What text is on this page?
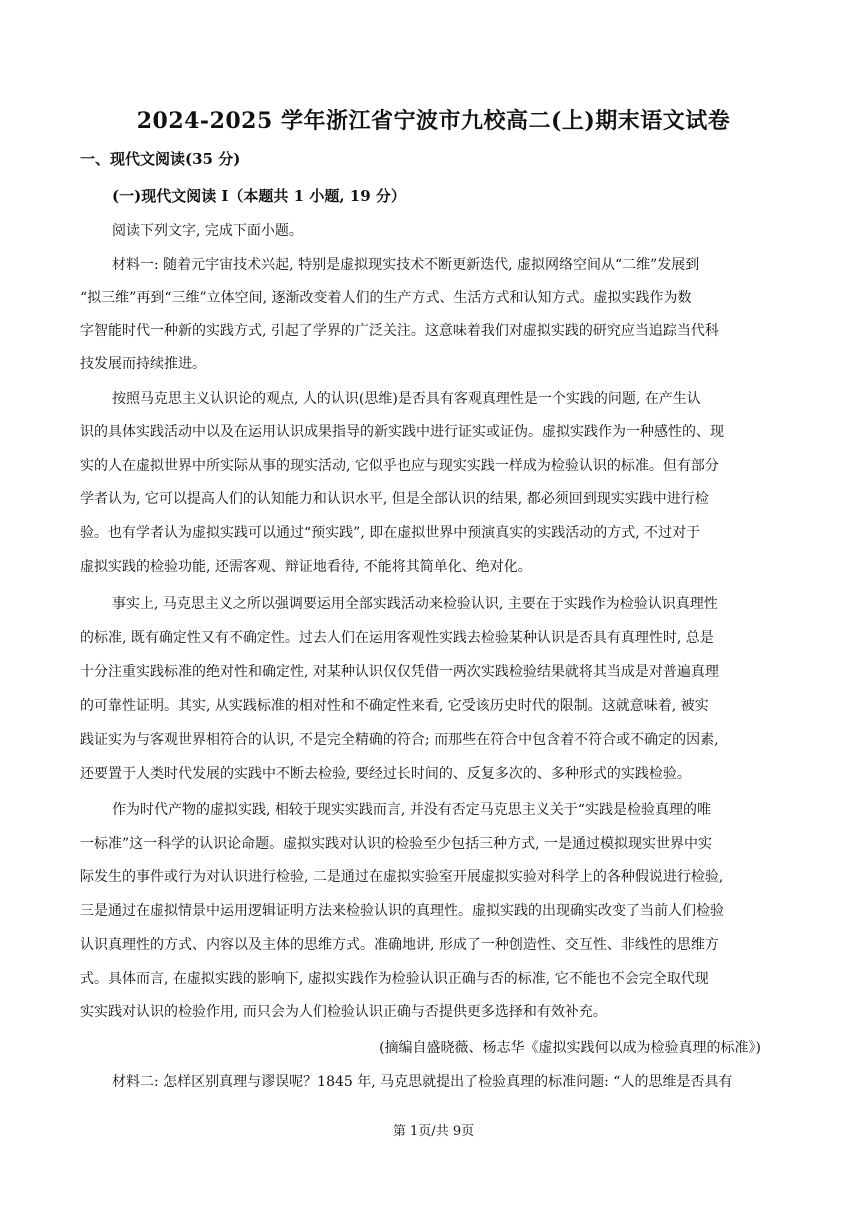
2024-2025 学年浙江省宁波市九校高二(上)期末语文试卷
一、现代文阅读(35 分)
(一)现代文阅读 I（本题共 1 小题, 19 分）
阅读下列文字, 完成下面小题。
材料一: 随着元宇宙技术兴起, 特别是虚拟现实技术不断更新迭代, 虚拟网络空间从“二维”发展到
“拟三维”再到“三维”立体空间, 逐渐改变着人们的生产方式、生活方式和认知方式。虚拟实践作为数
字智能时代一种新的实践方式, 引起了学界的广泛关注。这意味着我们对虚拟实践的研究应当追踪当代科
技发展而持续推进。
按照马克思主义认识论的观点, 人的认识(思维)是否具有客观真理性是一个实践的问题, 在产生认
识的具体实践活动中以及在运用认识成果指导的新实践中进行证实或证伪。虚拟实践作为一种感性的、现
实的人在虚拟世界中所实际从事的现实活动, 它似乎也应与现实实践一样成为检验认识的标准。但有部分
学者认为, 它可以提高人们的认知能力和认识水平, 但是全部认识的结果, 都必须回到现实实践中进行检
验。也有学者认为虚拟实践可以通过“预实践”, 即在虚拟世界中预演真实的实践活动的方式, 不过对于
虚拟实践的检验功能, 还需客观、辩证地看待, 不能将其简单化、绝对化。
事实上, 马克思主义之所以强调要运用全部实践活动来检验认识, 主要在于实践作为检验认识真理性
的标准, 既有确定性又有不确定性。过去人们在运用客观性实践去检验某种认识是否具有真理性时, 总是
十分注重实践标准的绝对性和确定性, 对某种认识仅仅凭借一两次实践检验结果就将其当成是对普遍真理
的可靠性证明。其实, 从实践标准的相对性和不确定性来看, 它受该历史时代的限制。这就意味着, 被实
践证实为与客观世界相符合的认识, 不是完全精确的符合; 而那些在符合中包含着不符合或不确定的因素,
还要置于人类时代发展的实践中不断去检验, 要经过长时间的、反复多次的、多种形式的实践检验。
作为时代产物的虚拟实践, 相较于现实实践而言, 并没有否定马克思主义关于“实践是检验真理的唯
一标准”这一科学的认识论命题。虚拟实践对认识的检验至少包括三种方式, 一是通过模拟现实世界中实
际发生的事件或行为对认识进行检验, 二是通过在虚拟实验室开展虚拟实验对科学上的各种假说进行检验,
三是通过在虚拟情景中运用逻辑证明方法来检验认识的真理性。虚拟实践的出现确实改变了当前人们检验
认识真理性的方式、内容以及主体的思维方式。准确地讲, 形成了一种创造性、交互性、非线性的思维方
式。具体而言, 在虚拟实践的影响下, 虚拟实践作为检验认识正确与否的标准, 它不能也不会完全取代现
实实践对认识的检验作用, 而只会为人们检验认识正确与否提供更多选择和有效补充。
(摘编自盛晓薇、杨志华《虚拟实践何以成为检验真理的标准》)
材料二: 怎样区别真理与谬误呢？1845 年, 马克思就提出了检验真理的标准问题: “人的思维是否具有
第 1页/共 9页
